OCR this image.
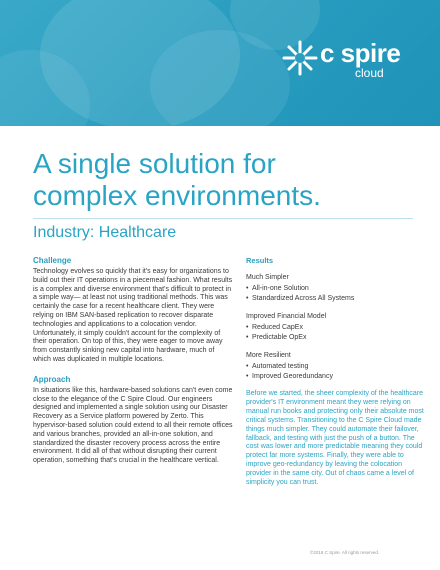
c spire
cloud
A single solution for
complex environments.
Industry: Healthcare
Challenge
Technology evolves so quickly that it's easy for organizations to build out their IT operations in a piecemeal fashion. What results is a complex and diverse environment that's difficult to protect in a simple way— at least not using traditional methods. This was certainly the case for a recent healthcare client. They were relying on IBM SAN-based replication to recover disparate technologies and applications to a colocation vendor. Unfortunately, it simply couldn't account for the complexity of their operation. On top of this, they were eager to move away from constantly sinking new capital into hardware, much of which was duplicated in multiple locations.
Approach
In situations like this, hardware-based solutions can't even come close to the elegance of the C Spire Cloud. Our engineers designed and implemented a single solution using our Disaster Recovery as a Service platform powered by Zerto. This hypervisor-based solution could extend to all their remote offices and various branches, provided an all-in-one solution, and standardized the disaster recovery process across the entire environment. It did all of that without disrupting their current operation, something that's crucial in the healthcare vertical.
Results
Much Simpler
• All-in-one Solution
• Standardized Across All Systems
Improved Financial Model
• Reduced CapEx
• Predictable OpEx
More Resilient
• Automated testing
• Improved Georedundancy
Before we started, the sheer complexity of the healthcare provider's IT environment meant they were relying on manual run books and protecting only their absolute most critical systems. Transitioning to the C Spire Cloud made things much simpler. They could automate their failover, fallback, and testing with just the push of a button. The cost was lower and more predictable meaning they could protect far more systems. Finally, they were able to improve geo-redundancy by leaving the colocation provider in the same city. Out of chaos came a level of simplicity you can trust.
©2018 C Spire. All rights reserved.
